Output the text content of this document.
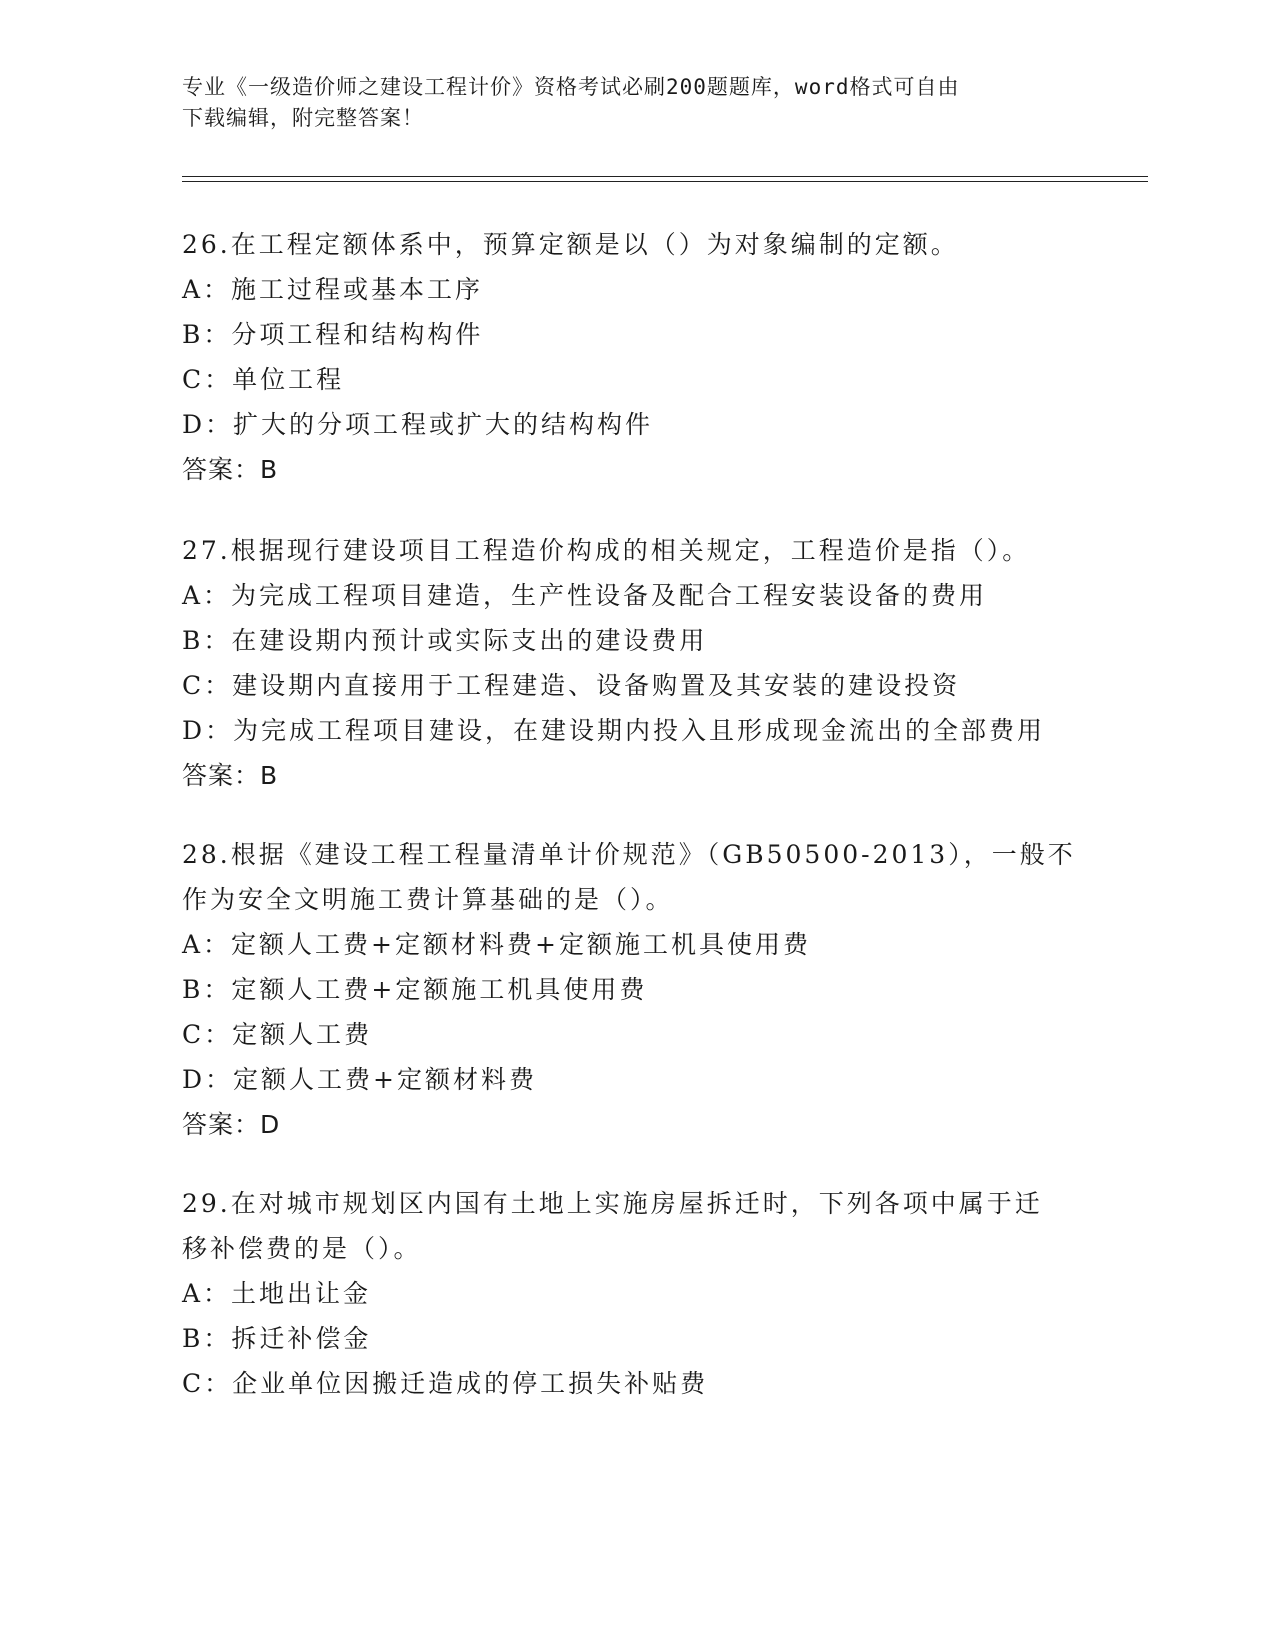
专业《一级造价师之建设工程计价》资格考试必刷200题题库，word格式可自由
下载编辑，附完整答案！
26.在工程定额体系中，预算定额是以（）为对象编制的定额。
A：施工过程或基本工序
B：分项工程和结构构件
C：单位工程
D：扩大的分项工程或扩大的结构构件
答案：B
27.根据现行建设项目工程造价构成的相关规定，工程造价是指（）。
A：为完成工程项目建造，生产性设备及配合工程安装设备的费用
B：在建设期内预计或实际支出的建设费用
C：建设期内直接用于工程建造、设备购置及其安装的建设投资
D：为完成工程项目建设，在建设期内投入且形成现金流出的全部费用
答案：B
28.根据《建设工程工程量清单计价规范》（GB50500-2013），一般不
作为安全文明施工费计算基础的是（）。
A：定额人工费+定额材料费+定额施工机具使用费
B：定额人工费+定额施工机具使用费
C：定额人工费
D：定额人工费+定额材料费
答案：D
29.在对城市规划区内国有土地上实施房屋拆迁时，下列各项中属于迁
移补偿费的是（）。
A：土地出让金
B：拆迁补偿金
C：企业单位因搬迁造成的停工损失补贴费
